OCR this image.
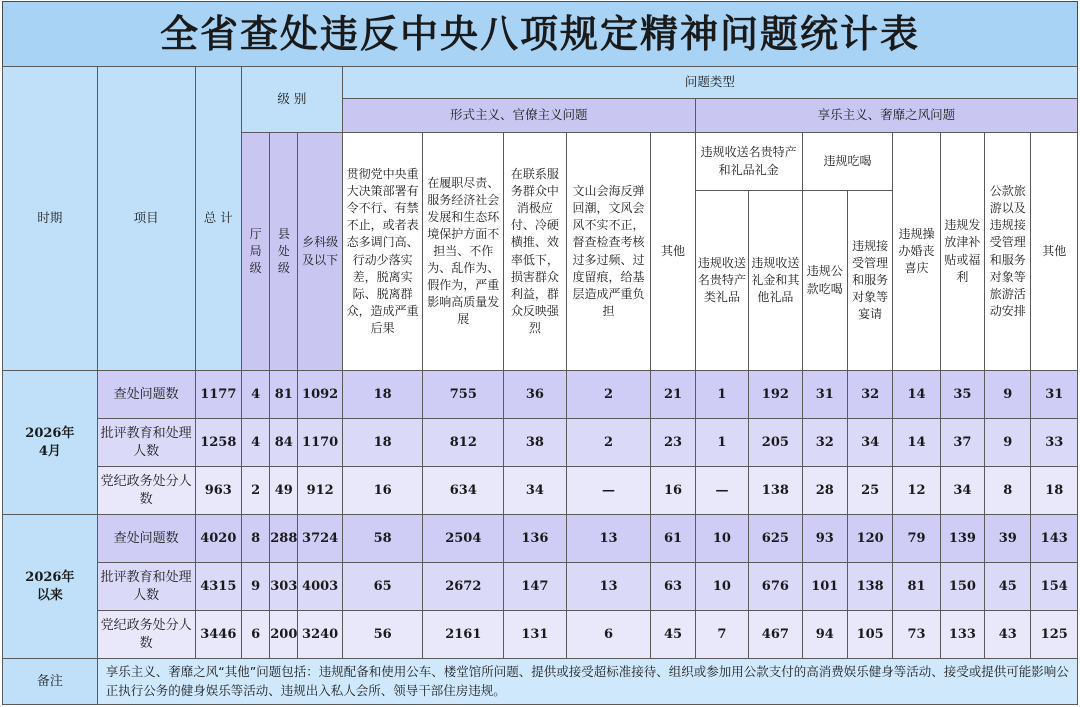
全省查处违反中央八项规定精神问题统计表
时期	项目	总 计	级 别			问题类型												
						形式主义、官僚主义问题					享乐主义、奢靡之风问题							
			厅局级	县处级	乡科级及以下	贯彻党中央重大决策部署有令不行、有禁不止，或者表态多调门高、行动少落实差，脱离实际、脱离群众，造成严重后果	在履职尽责、服务经济社会发展和生态环境保护方面不担当、不作为、乱作为、假作为，严重影响高质量发展	在联系服务群众中消极应付、冷硬横推、效率低下，损害群众利益，群众反映强烈	文山会海反弹回潮，文风会风不实不正，督查检查考核过多过频、过度留痕，给基层造成严重负担	其他	违规收送名贵特产和礼品礼金		违规吃喝		违规操办婚丧喜庆	违规发放津补贴或福利	公款旅游以及违规接受管理和服务对象等旅游活动安排	其他
											违规收送名贵特产类礼品	违规收送礼金和其他礼品	违规公款吃喝	违规接受管理和服务对象等宴请				
2026年
4月	查处问题数	1177	4	81	1092	18	755	36	2	21	1	192	31	32	14	35	9	31
	批评教育和处理人数	1258	4	84	1170	18	812	38	2	23	1	205	32	34	14	37	9	33
	党纪政务处分人数	963	2	49	912	16	634	34	—	16	—	138	28	25	12	34	8	18
2026年
以来	查处问题数	4020	8	288	3724	58	2504	136	13	61	10	625	93	120	79	139	39	143
	批评教育和处理人数	4315	9	303	4003	65	2672	147	13	63	10	676	101	138	81	150	45	154
	党纪政务处分人数	3446	6	200	3240	56	2161	131	6	45	7	467	94	105	73	133	43	125
备注	享乐主义、奢靡之风“其他”问题包括：违规配备和使用公车、楼堂馆所问题、提供或接受超标准接待、组织或参加用公款支付的高消费娱乐健身等活动、接受或提供可能影响公正执行公务的健身娱乐等活动、违规出入私人会所、领导干部住房违规。																	
